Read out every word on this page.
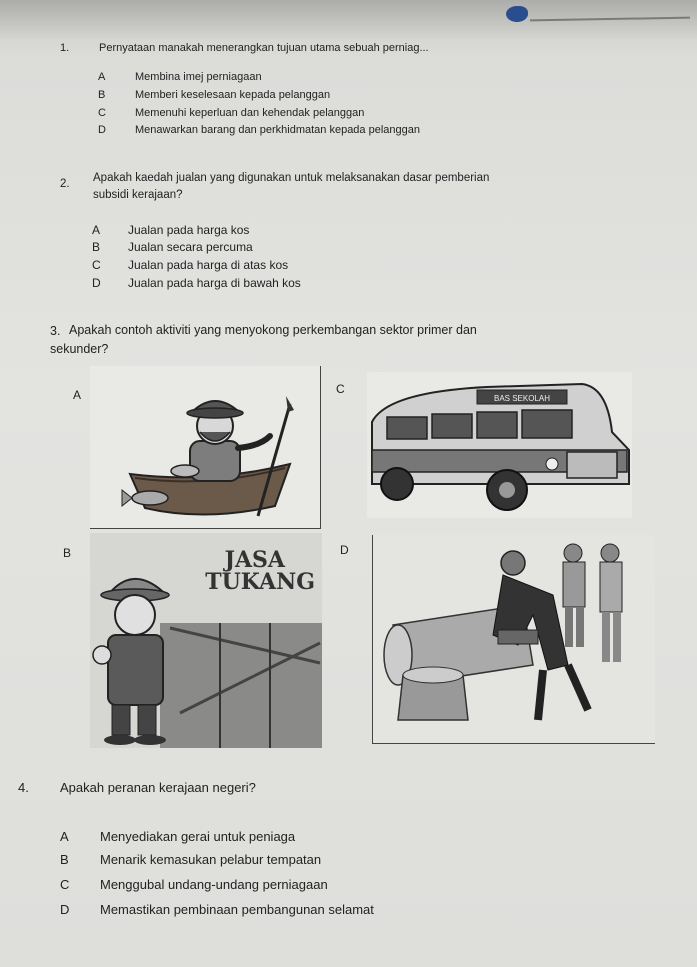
1.	Pernyataan manakah menerangkan tujuan utama sebuah perniag...
A	Membina imej perniagaan
B	Memberi keselesaan kepada pelanggan
C	Memenuhi keperluan dan kehendak pelanggan
D	Menawarkan barang dan perkhidmatan kepada pelanggan
2. Apakah kaedah jualan yang digunakan untuk melaksanakan dasar pemberian
subsidi kerajaan?
A Jualan pada harga kos
B Jualan secara percuma
C Jualan pada harga di atas kos
D Jualan pada harga di bawah kos
3. Apakah contoh aktiviti yang menyokong perkembangan sektor primer dan
sekunder?
A	C
BAS SEKOLAH
B	JASA
TUKANG
D
4. Apakah peranan kerajaan negeri?
A Menyediakan gerai untuk peniaga
B Menarik kemasukan pelabur tempatan
C Menggubal undang-undang perniagaan
D Memastikan pembinaan pembangunan selamat
